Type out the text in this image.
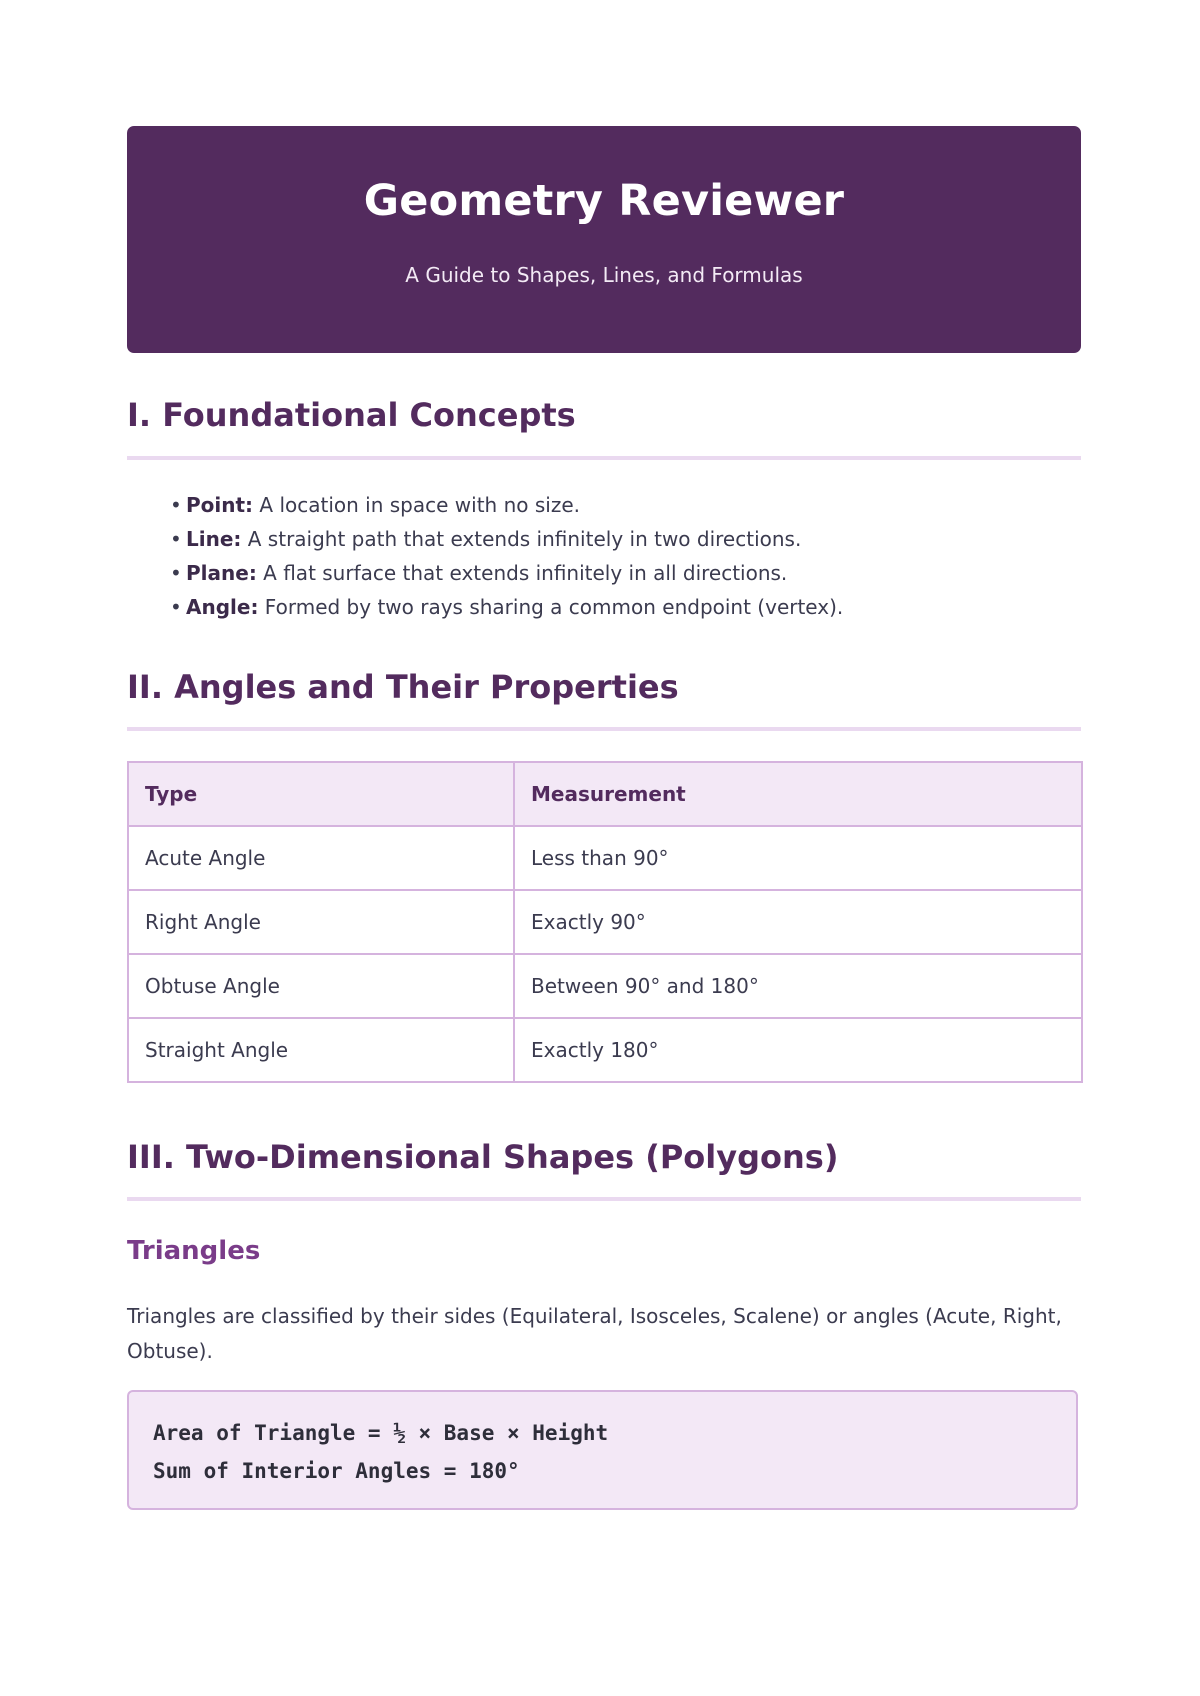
Geometry Reviewer
A Guide to Shapes, Lines, and Formulas
I. Foundational Concepts
• Point: A location in space with no size.
• Line: A straight path that extends infinitely in two directions.
• Plane: A flat surface that extends infinitely in all directions.
• Angle: Formed by two rays sharing a common endpoint (vertex).
II. Angles and Their Properties
Type	Measurement
Acute Angle	Less than 90°
Right Angle	Exactly 90°
Obtuse Angle	Between 90° and 180°
Straight Angle	Exactly 180°
III. Two-Dimensional Shapes (Polygons)
Triangles

Triangles are classified by their sides (Equilateral, Isosceles, Scalene) or angles (Acute, Right, Obtuse).

Area of Triangle = ½ × Base × Height
Sum of Interior Angles = 180°
